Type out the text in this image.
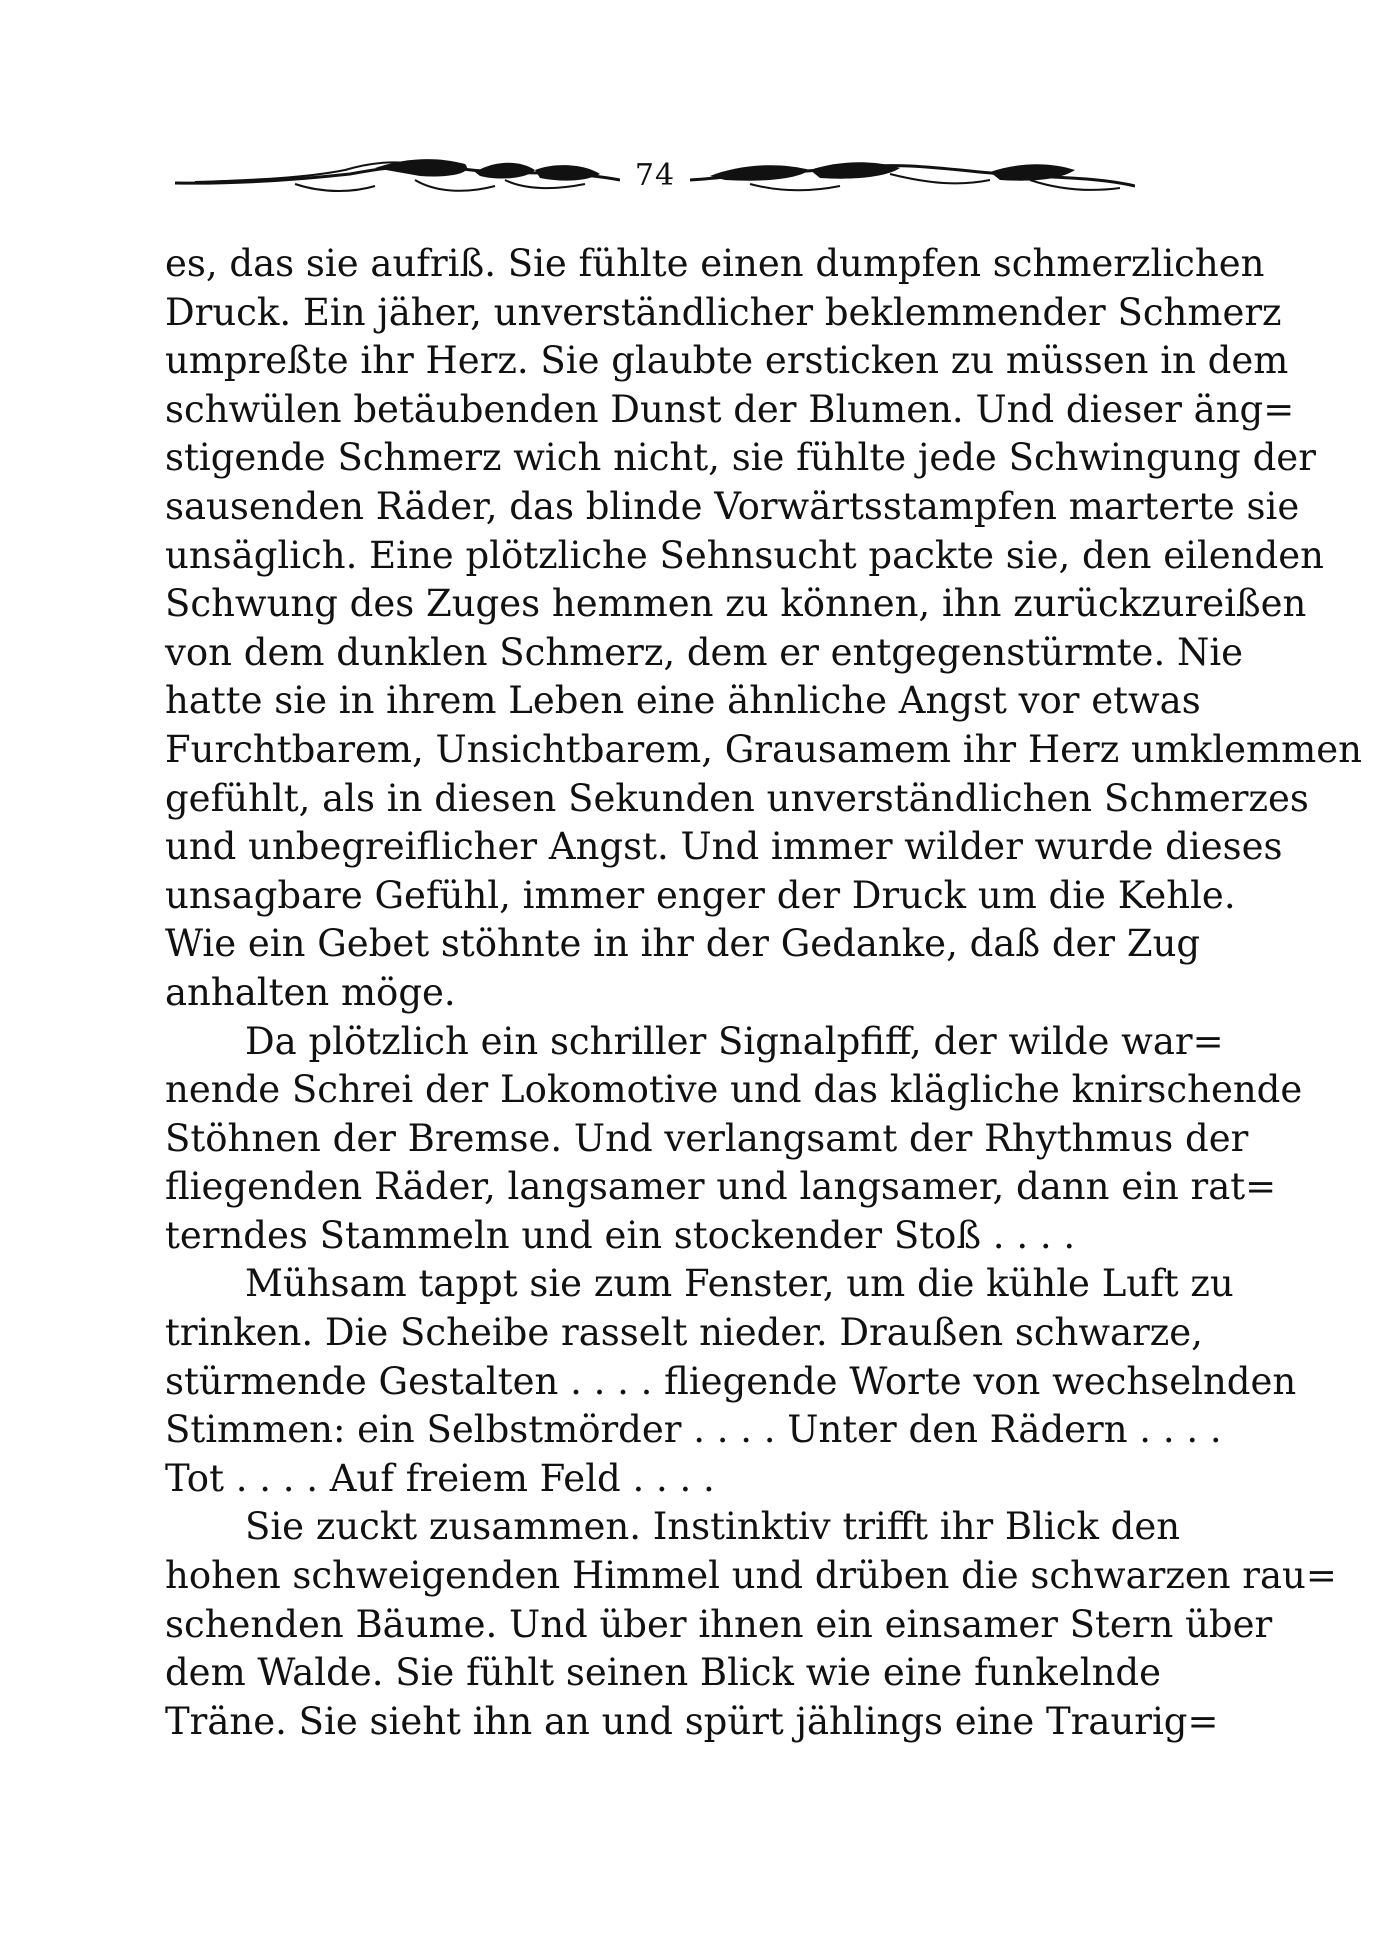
74
es, das sie aufriß. Sie fühlte einen dumpfen schmerzlichen
Druck. Ein jäher, unverständlicher beklemmender Schmerz
umpreßte ihr Herz. Sie glaubte ersticken zu müssen in dem
schwülen betäubenden Dunst der Blumen. Und dieser äng=
stigende Schmerz wich nicht, sie fühlte jede Schwingung der
sausenden Räder, das blinde Vorwärtsstampfen marterte sie
unsäglich. Eine plötzliche Sehnsucht packte sie, den eilenden
Schwung des Zuges hemmen zu können, ihn zurückzureißen
von dem dunklen Schmerz, dem er entgegenstürmte. Nie
hatte sie in ihrem Leben eine ähnliche Angst vor etwas
Furchtbarem, Unsichtbarem, Grausamem ihr Herz umklemmen
gefühlt, als in diesen Sekunden unverständlichen Schmerzes
und unbegreiflicher Angst. Und immer wilder wurde dieses
unsagbare Gefühl, immer enger der Druck um die Kehle.
Wie ein Gebet stöhnte in ihr der Gedanke, daß der Zug
anhalten möge.
Da plötzlich ein schriller Signalpfiff, der wilde war=
nende Schrei der Lokomotive und das klägliche knirschende
Stöhnen der Bremse. Und verlangsamt der Rhythmus der
fliegenden Räder, langsamer und langsamer, dann ein rat=
terndes Stammeln und ein stockender Stoß . . . .
Mühsam tappt sie zum Fenster, um die kühle Luft zu
trinken. Die Scheibe rasselt nieder. Draußen schwarze,
stürmende Gestalten . . . . fliegende Worte von wechselnden
Stimmen: ein Selbstmörder . . . . Unter den Rädern . . . .
Tot . . . . Auf freiem Feld . . . .
Sie zuckt zusammen. Instinktiv trifft ihr Blick den
hohen schweigenden Himmel und drüben die schwarzen rau=
schenden Bäume. Und über ihnen ein einsamer Stern über
dem Walde. Sie fühlt seinen Blick wie eine funkelnde
Träne. Sie sieht ihn an und spürt jählings eine Traurig=
